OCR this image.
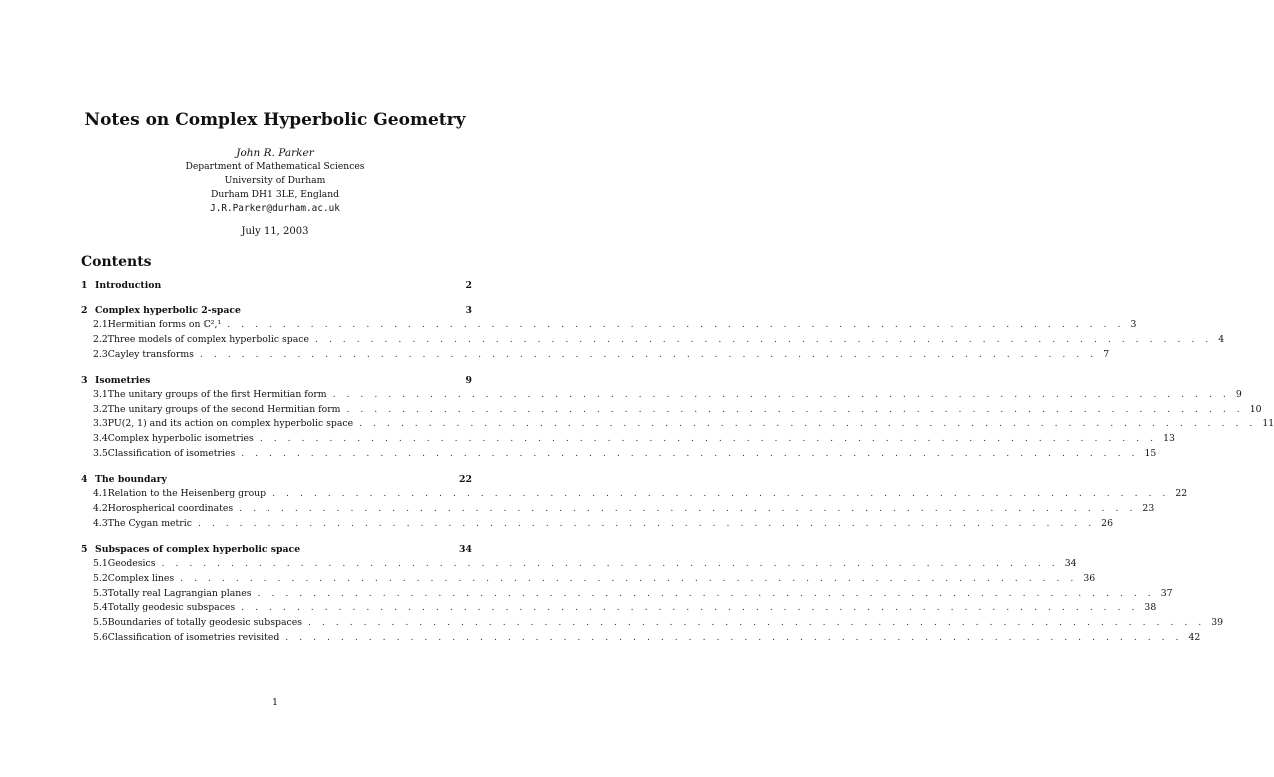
Notes on Complex Hyperbolic Geometry
John R. Parker
Department of Mathematical Sciences
University of Durham
Durham DH1 3LE, England
J.R.Parker@durham.ac.uk
July 11, 2003
Contents
1 Introduction	2
2 Complex hyperbolic 2-space	3
2.1 Hermitian forms on ℂ²,¹ . . . . . . . . . . . . . . . . . . . . . . . . . . . . . . . . . . . . . . . . . . . . . . . . . . . . . . . . . . . . . . . . . 3
2.2 Three models of complex hyperbolic space . . . . . . . . . . . . . . . . . . . . . . . . . . . . . . . . . . . . . . . . . . . . . . . . . . . . . . . . . . . . . . . . . 4
2.3 Cayley transforms . . . . . . . . . . . . . . . . . . . . . . . . . . . . . . . . . . . . . . . . . . . . . . . . . . . . . . . . . . . . . . . . . 7
3 Isometries	9
3.1 The unitary groups of the first Hermitian form . . . . . . . . . . . . . . . . . . . . . . . . . . . . . . . . . . . . . . . . . . . . . . . . . . . . . . . . . . . . . . . . . 9
3.2 The unitary groups of the second Hermitian form . . . . . . . . . . . . . . . . . . . . . . . . . . . . . . . . . . . . . . . . . . . . . . . . . . . . . . . . . . . . . . . . . 10
3.3 PU(2, 1) and its action on complex hyperbolic space . . . . . . . . . . . . . . . . . . . . . . . . . . . . . . . . . . . . . . . . . . . . . . . . . . . . . . . . . . . . . . . . . 11
3.4 Complex hyperbolic isometries . . . . . . . . . . . . . . . . . . . . . . . . . . . . . . . . . . . . . . . . . . . . . . . . . . . . . . . . . . . . . . . . . 13
3.5 Classification of isometries . . . . . . . . . . . . . . . . . . . . . . . . . . . . . . . . . . . . . . . . . . . . . . . . . . . . . . . . . . . . . . . . . 15
4 The boundary	22
4.1 Relation to the Heisenberg group . . . . . . . . . . . . . . . . . . . . . . . . . . . . . . . . . . . . . . . . . . . . . . . . . . . . . . . . . . . . . . . . . 22
4.2 Horospherical coordinates . . . . . . . . . . . . . . . . . . . . . . . . . . . . . . . . . . . . . . . . . . . . . . . . . . . . . . . . . . . . . . . . . 23
4.3 The Cygan metric . . . . . . . . . . . . . . . . . . . . . . . . . . . . . . . . . . . . . . . . . . . . . . . . . . . . . . . . . . . . . . . . . 26
5 Subspaces of complex hyperbolic space	34
5.1 Geodesics . . . . . . . . . . . . . . . . . . . . . . . . . . . . . . . . . . . . . . . . . . . . . . . . . . . . . . . . . . . . . . . . . 34
5.2 Complex lines . . . . . . . . . . . . . . . . . . . . . . . . . . . . . . . . . . . . . . . . . . . . . . . . . . . . . . . . . . . . . . . . . 36
5.3 Totally real Lagrangian planes . . . . . . . . . . . . . . . . . . . . . . . . . . . . . . . . . . . . . . . . . . . . . . . . . . . . . . . . . . . . . . . . . 37
5.4 Totally geodesic subspaces . . . . . . . . . . . . . . . . . . . . . . . . . . . . . . . . . . . . . . . . . . . . . . . . . . . . . . . . . . . . . . . . . 38
5.5 Boundaries of totally geodesic subspaces . . . . . . . . . . . . . . . . . . . . . . . . . . . . . . . . . . . . . . . . . . . . . . . . . . . . . . . . . . . . . . . . . 39
5.6 Classification of isometries revisited . . . . . . . . . . . . . . . . . . . . . . . . . . . . . . . . . . . . . . . . . . . . . . . . . . . . . . . . . . . . . . . . . 42
1
